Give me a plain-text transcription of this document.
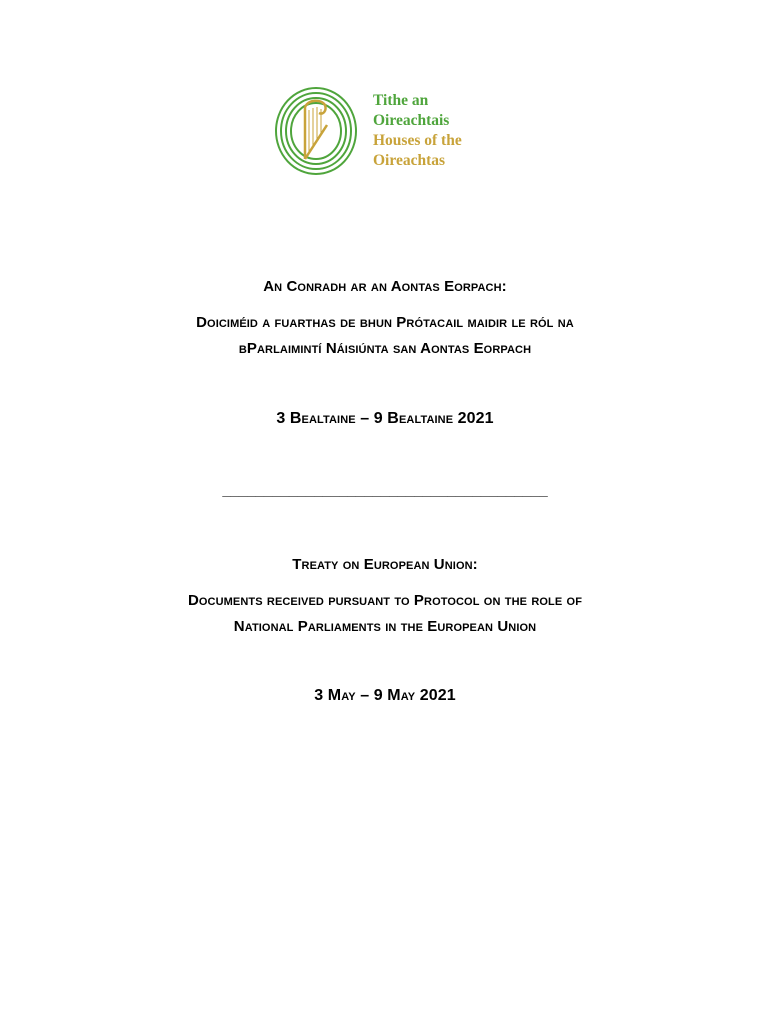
Tithe an
Oireachtais
Houses of the
Oireachtas
An Conradh ar an Aontas Eorpach:
Doiciméid a fuarthas de bhun Prótacail maidir le ról na
bParlaimintí Náisiúnta san Aontas Eorpach
3 Bealtaine – 9 Bealtaine 2021
_______________________________________
Treaty on European Union:
Documents received pursuant to Protocol on the role of
National Parliaments in the European Union
3 May – 9 May 2021
